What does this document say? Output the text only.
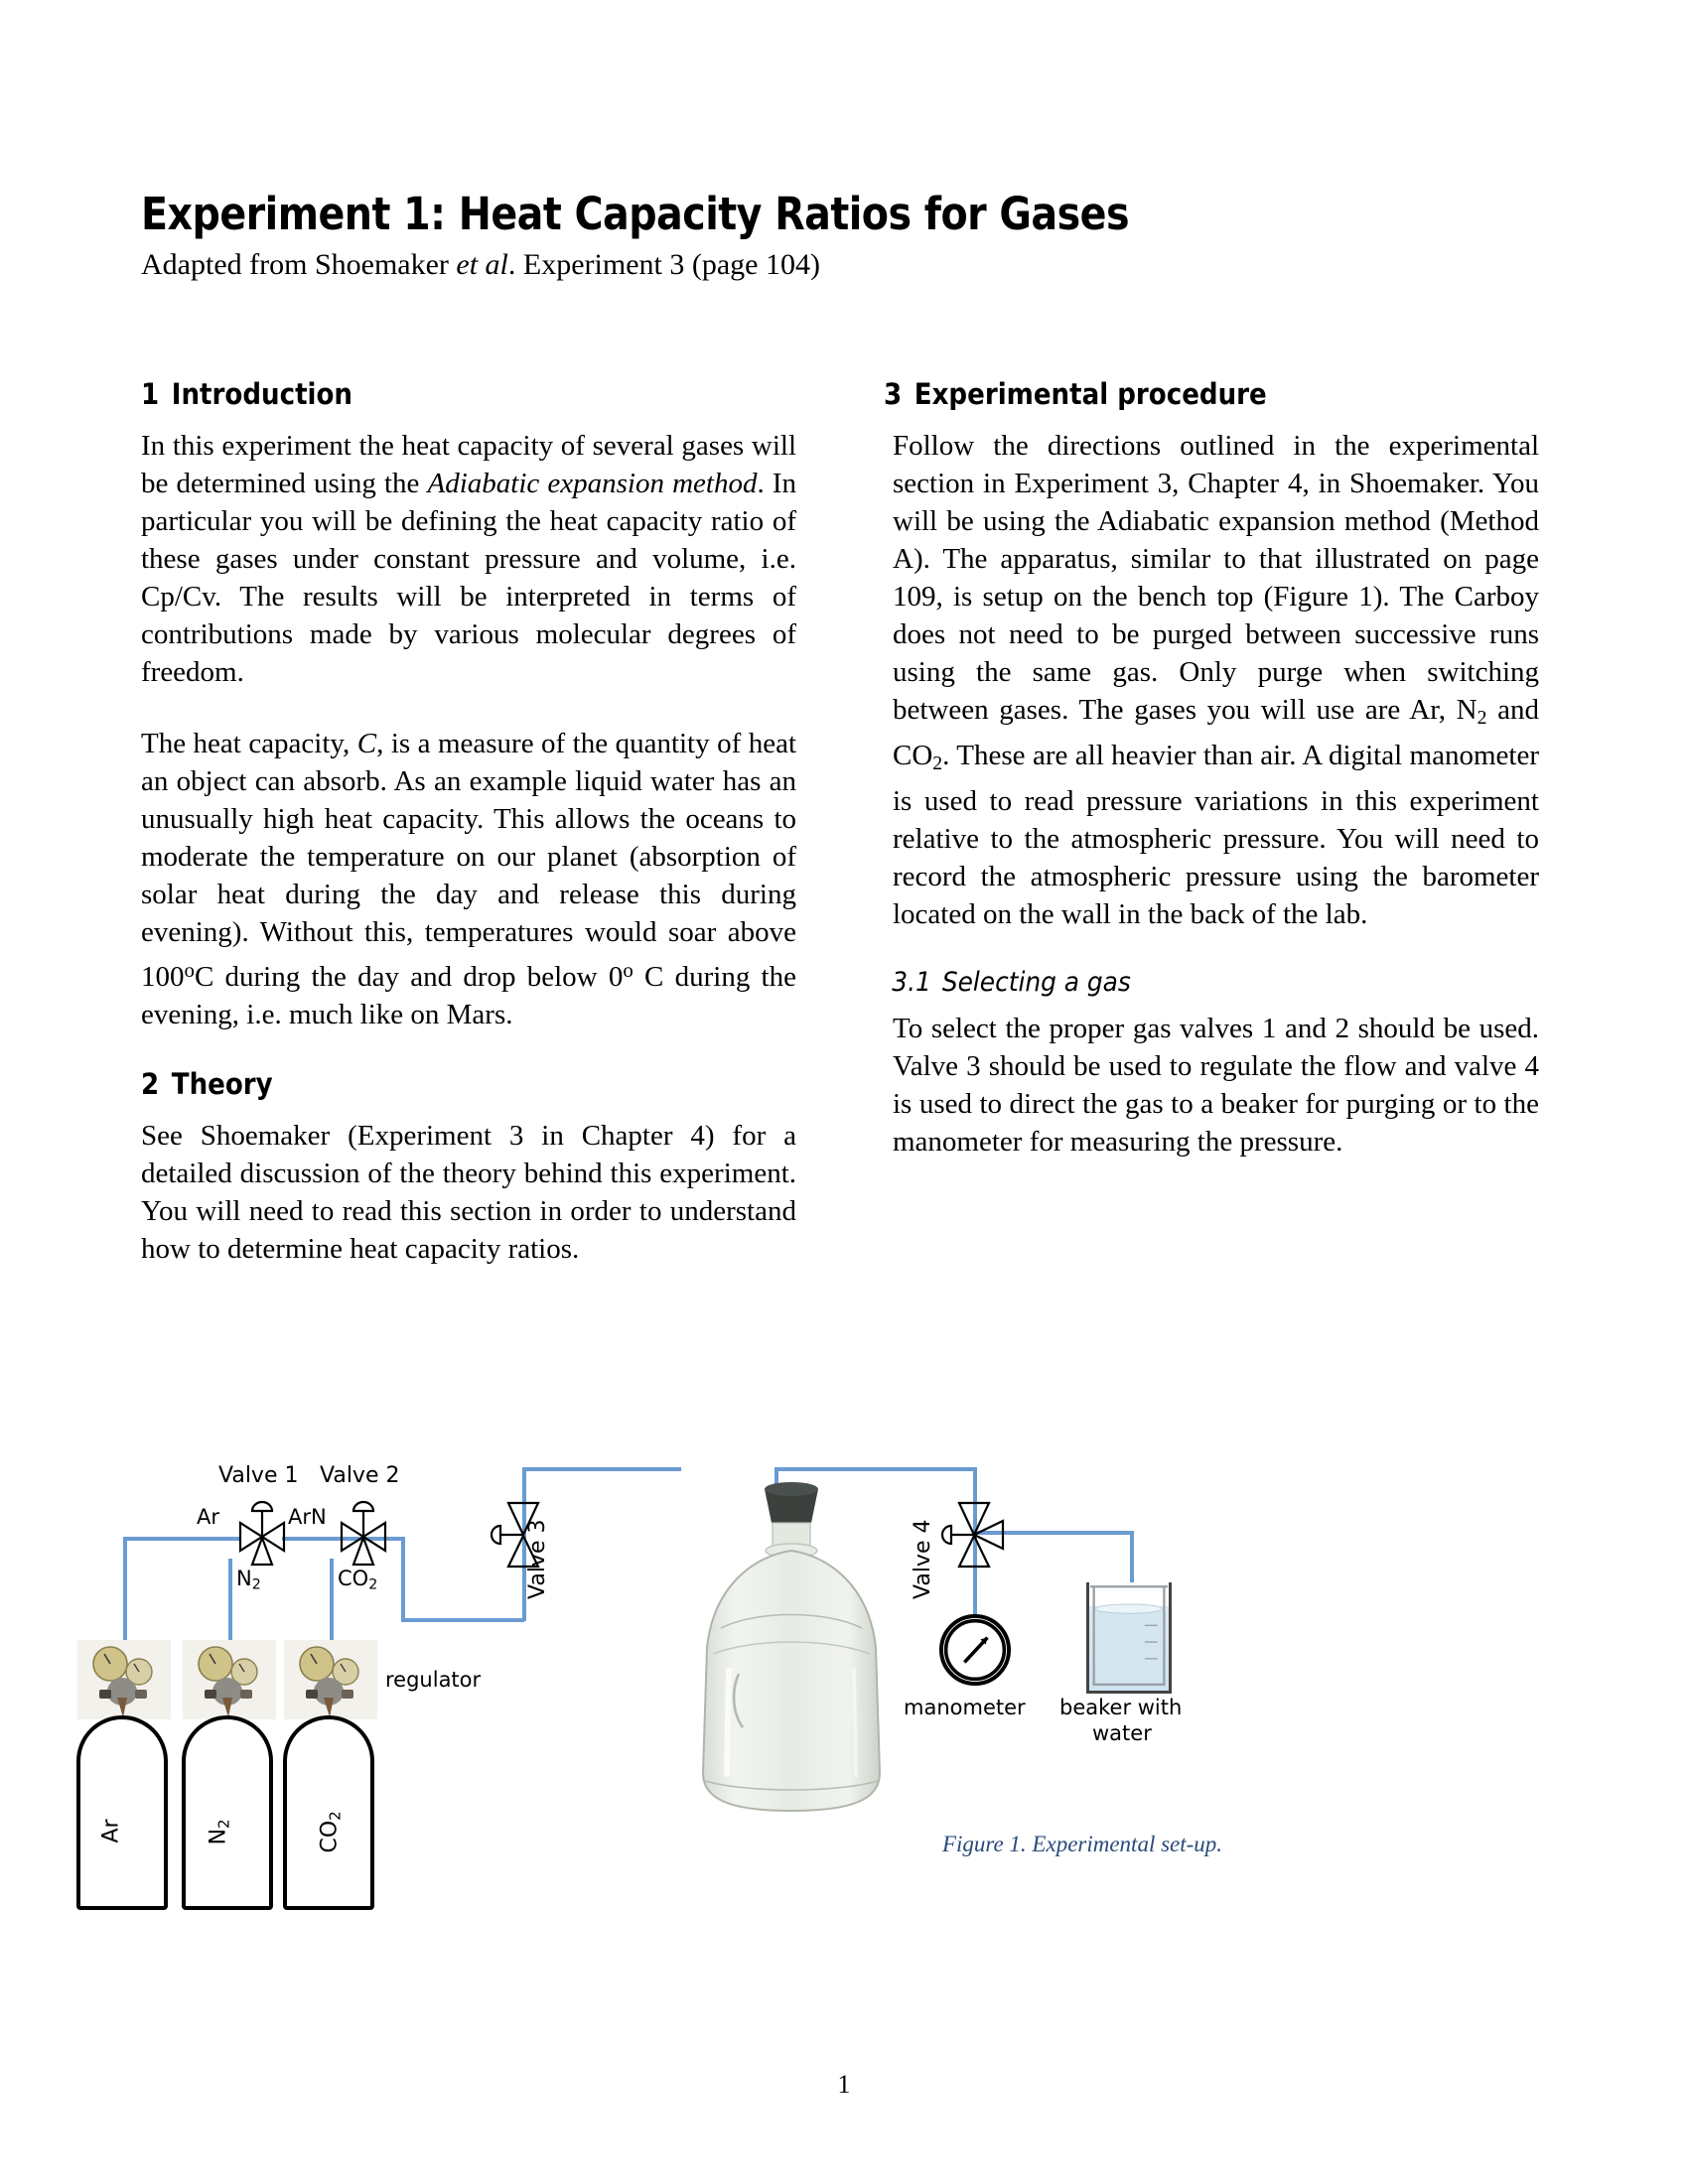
Experiment 1: Heat Capacity Ratios for Gases
Adapted from Shoemaker et al. Experiment 3 (page 104)
1 Introduction

In this experiment the heat capacity of several gases will be determined using the Adiabatic expansion method. In particular you will be defining the heat capacity ratio of these gases under constant pressure and volume, i.e. Cp/Cv. The results will be interpreted in terms of contributions made by various molecular degrees of freedom.

The heat capacity, C, is a measure of the quantity of heat an object can absorb. As an example liquid water has an unusually high heat capacity. This allows the oceans to moderate the temperature on our planet (absorption of solar heat during the day and release this during evening). Without this, temperatures would soar above 100$^o$C during the day and drop below 0$^o$ C during the evening, i.e. much like on Mars.

2 Theory

See Shoemaker (Experiment 3 in Chapter 4) for a detailed discussion of the theory behind this experiment. You will need to read this section in order to understand how to determine heat capacity ratios.

3 Experimental procedure

Follow the directions outlined in the experimental section in Experiment 3, Chapter 4, in Shoemaker. You will be using the Adiabatic expansion method (Method A). The apparatus, similar to that illustrated on page 109, is setup on the bench top (Figure 1). The Carboy does not need to be purged between successive runs using the same gas. Only purge when switching between gases. The gases you will use are Ar, $N_2$ and $CO_2$. These are all heavier than air. A digital manometer is used to read pressure variations in this experiment relative to the atmospheric pressure. You will need to record the atmospheric pressure using the barometer located on the wall in the back of the lab.

3.1 Selecting a gas

To select the proper gas valves 1 and 2 should be used. Valve 3 should be used to regulate the flow and valve 4 is used to direct the gas to a beaker for purging or to the manometer for measuring the pressure.

Valve 1 Valve 2
Valve 3	Valve 4
Ar	ArN
$N_2$	$CO_2$
regulator
Ar	$N_2$	$CO_2$
manometer beaker with
water
Figure 1. Experimental set-up.
1
